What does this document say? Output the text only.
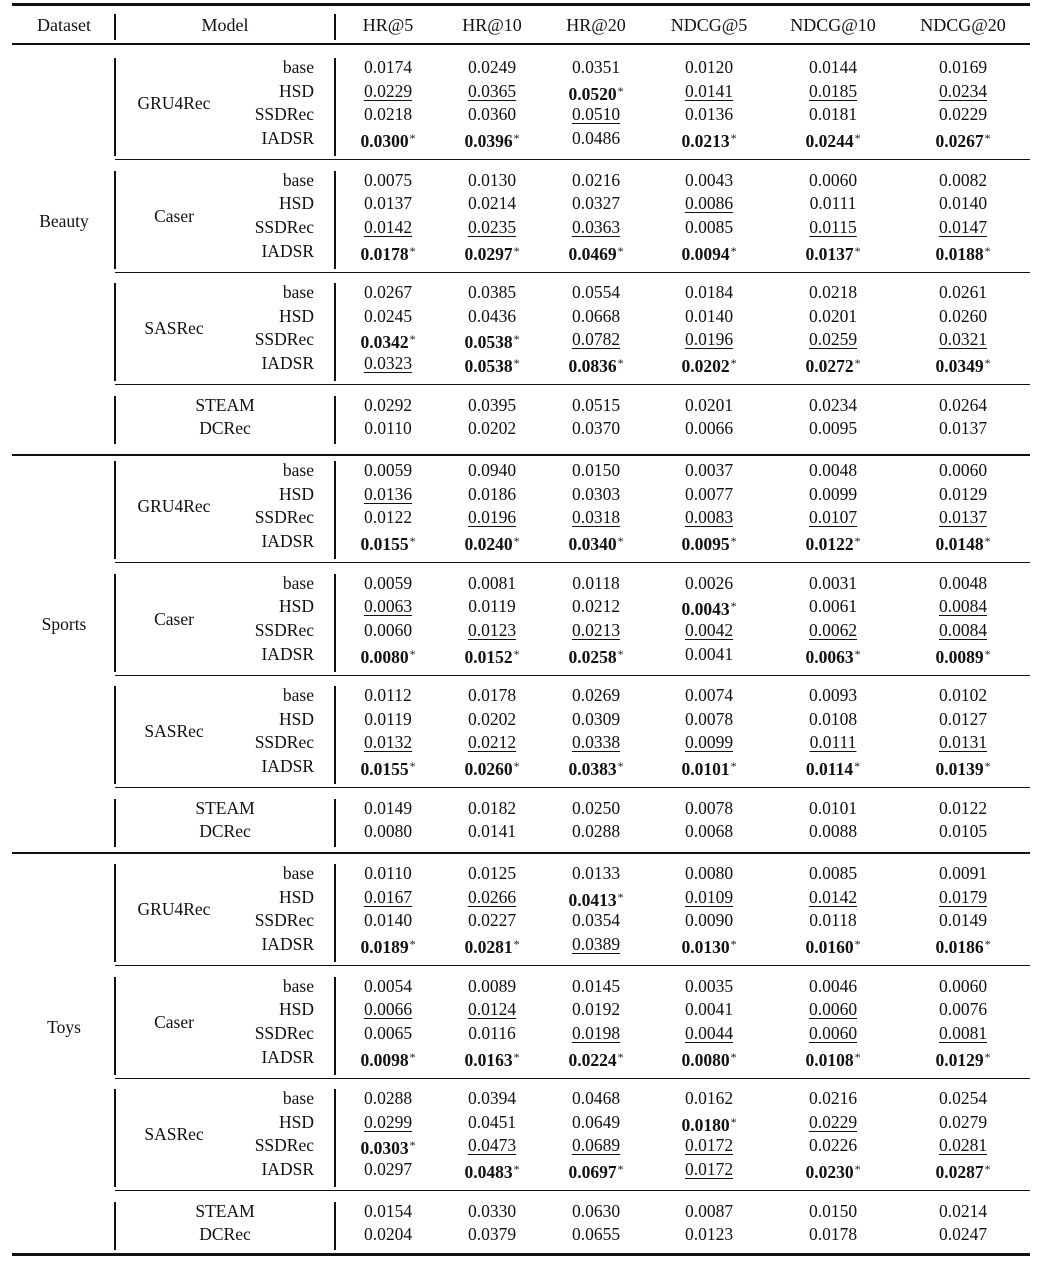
Dataset	Model	HR@5	HR@10 HR@20 NDCG@5 NDCG@10 NDCG@20
Beauty
GRU4Rec
base	0.0174	0.0249	0.0351	0.0120	0.0144	0.0169
HSD	0.0229	0.0365	0.0520*	0.0141	0.0185	0.0234
SSDRec	0.0218	0.0360	0.0510	0.0136	0.0181	0.0229
IADSR	0.0300*	0.0396*	0.0486	0.0213*	0.0244*	0.0267*
Caser
base	0.0075	0.0130	0.0216	0.0043	0.0060	0.0082
HSD	0.0137	0.0214	0.0327	0.0086	0.0111	0.0140
SSDRec	0.0142	0.0235	0.0363	0.0085	0.0115	0.0147
IADSR	0.0178*	0.0297*	0.0469*	0.0094*	0.0137*	0.0188*
SASRec
base	0.0267	0.0385	0.0554	0.0184	0.0218	0.0261
HSD	0.0245	0.0436	0.0668	0.0140	0.0201	0.0260
SSDRec	0.0342*	0.0538*	0.0782	0.0196	0.0259	0.0321
IADSR	0.0323	0.0538*	0.0836*	0.0202*	0.0272*	0.0349*
STEAM	0.0292	0.0395	0.0515	0.0201	0.0234	0.0264
DCRec	0.0110	0.0202	0.0370	0.0066	0.0095	0.0137
Sports
GRU4Rec
base	0.0059	0.0940	0.0150	0.0037	0.0048	0.0060
HSD	0.0136	0.0186	0.0303	0.0077	0.0099	0.0129
SSDRec	0.0122	0.0196	0.0318	0.0083	0.0107	0.0137
IADSR	0.0155*	0.0240*	0.0340*	0.0095*	0.0122*	0.0148*
Caser
base	0.0059	0.0081	0.0118	0.0026	0.0031	0.0048
HSD	0.0063	0.0119	0.0212	0.0043*	0.0061	0.0084
SSDRec	0.0060	0.0123	0.0213	0.0042	0.0062	0.0084
IADSR	0.0080*	0.0152*	0.0258*	0.0041	0.0063*	0.0089*
SASRec
base	0.0112	0.0178	0.0269	0.0074	0.0093	0.0102
HSD	0.0119	0.0202	0.0309	0.0078	0.0108	0.0127
SSDRec	0.0132	0.0212	0.0338	0.0099	0.0111	0.0131
IADSR	0.0155*	0.0260*	0.0383*	0.0101*	0.0114*	0.0139*
STEAM	0.0149	0.0182	0.0250	0.0078	0.0101	0.0122
DCRec	0.0080	0.0141	0.0288	0.0068	0.0088	0.0105
Toys
GRU4Rec
base	0.0110	0.0125	0.0133	0.0080	0.0085	0.0091
HSD	0.0167	0.0266	0.0413*	0.0109	0.0142	0.0179
SSDRec	0.0140	0.0227	0.0354	0.0090	0.0118	0.0149
IADSR	0.0189*	0.0281*	0.0389	0.0130*	0.0160*	0.0186*
Caser
base	0.0054	0.0089	0.0145	0.0035	0.0046	0.0060
HSD	0.0066	0.0124	0.0192	0.0041	0.0060	0.0076
SSDRec	0.0065	0.0116	0.0198	0.0044	0.0060	0.0081
IADSR	0.0098*	0.0163*	0.0224*	0.0080*	0.0108*	0.0129*
SASRec
base	0.0288	0.0394	0.0468	0.0162	0.0216	0.0254
HSD	0.0299	0.0451	0.0649	0.0180*	0.0229	0.0279
SSDRec	0.0303*	0.0473	0.0689	0.0172	0.0226	0.0281
IADSR	0.0297	0.0483*	0.0697*	0.0172	0.0230*	0.0287*
STEAM	0.0154	0.0330	0.0630	0.0087	0.0150	0.0214
DCRec	0.0204	0.0379	0.0655	0.0123	0.0178	0.0247
